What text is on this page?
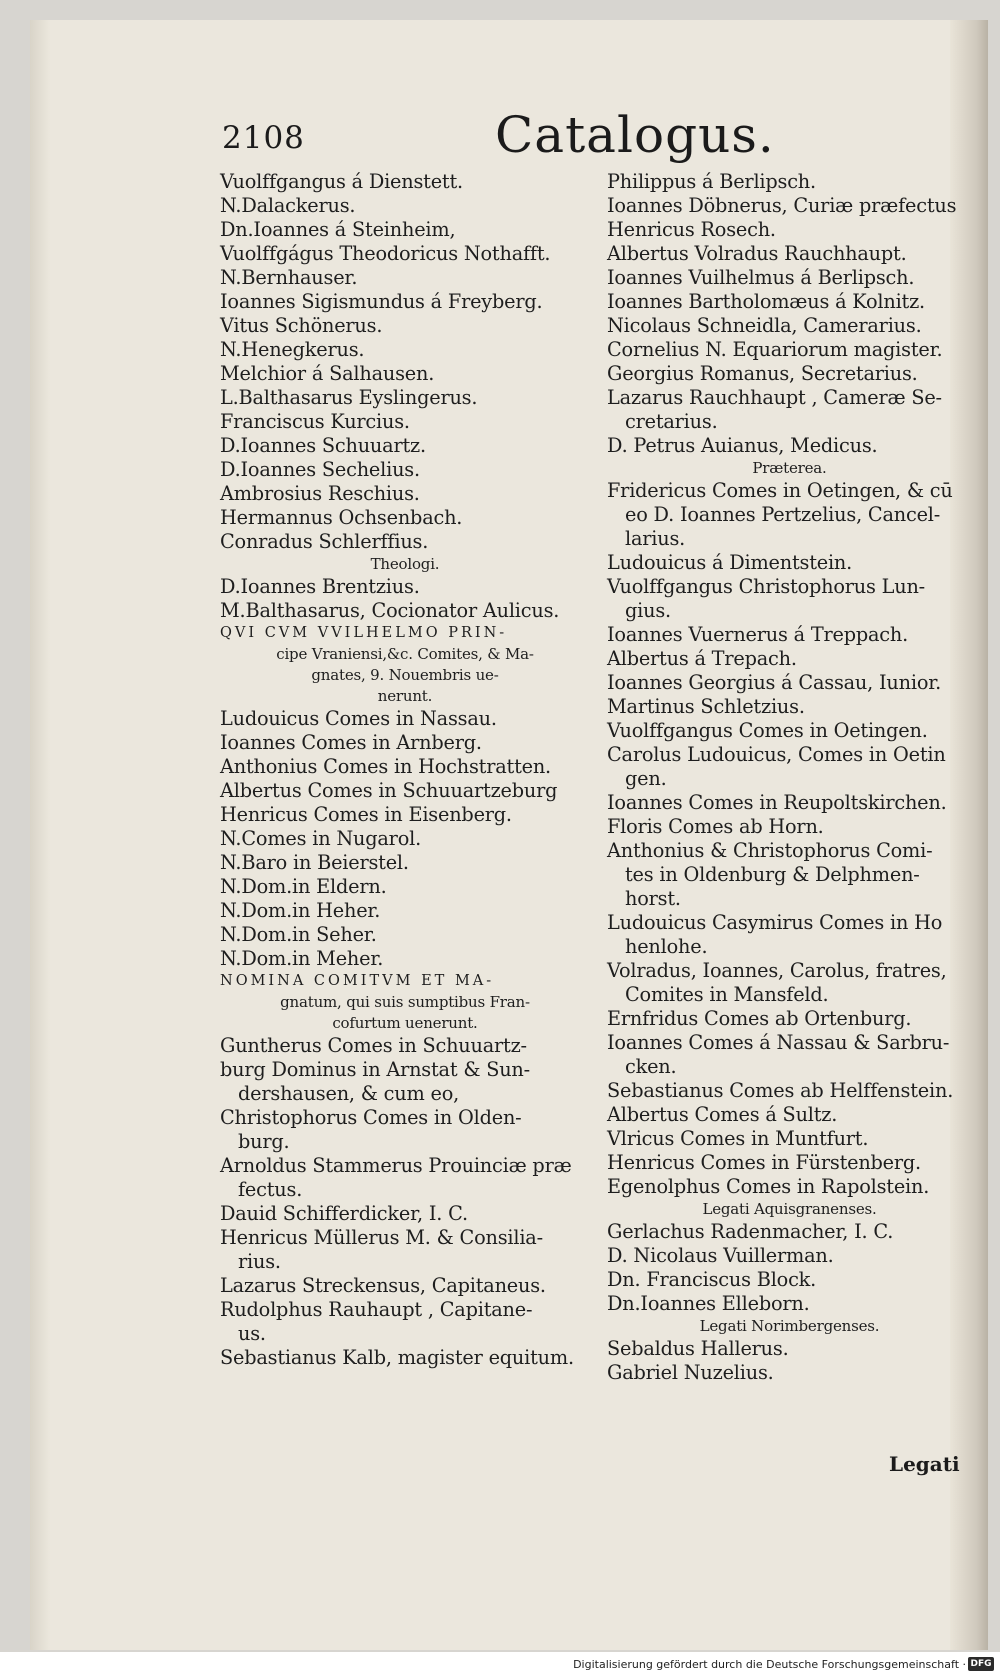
2108	Catalogus.
Vuolffgangus á Dienstett.
N.Dalackerus.
Dn.Ioannes á Steinheim,
Vuolffgágus Theodoricus Nothafft.
N.Bernhauser.
Ioannes Sigismundus á Freyberg.
Vitus Schönerus.
N.Henegkerus.
Melchior á Salhausen.
L.Balthasarus Eyslingerus.
Franciscus Kurcius.
D.Ioannes Schuuartz.
D.Ioannes Sechelius.
Ambrosius Reschius.
Hermannus Ochsenbach.
Conradus Schlerffius.
Theologi.
D.Ioannes Brentzius.
M.Balthasarus, Cocionator Aulicus.
QVI CVM VVILHELMO PRIN-
cipe Vraniensi,&c. Comites, & Ma-
gnates, 9. Nouembris ue-
nerunt.
Ludouicus Comes in Nassau.
Ioannes Comes in Arnberg.
Anthonius Comes in Hochstratten.
Albertus Comes in Schuuartzeburg
Henricus Comes in Eisenberg.
N.Comes in Nugarol.
N.Baro in Beierstel.
N.Dom.in Eldern.
N.Dom.in Heher.
N.Dom.in Seher.
N.Dom.in Meher.
NOMINA COMITVM ET MA-
gnatum, qui suis sumptibus Fran-
cofurtum uenerunt.
Guntherus Comes in Schuuartz-
burg Dominus in Arnstat & Sun-
dershausen, & cum eo,
Christophorus Comes in Olden-
burg.
Arnoldus Stammerus Prouinciæ præ
fectus.
Dauid Schifferdicker, I. C.
Henricus Müllerus M. & Consilia-
rius.
Lazarus Streckensus, Capitaneus.
Rudolphus Rauhaupt , Capitane-
us.
Sebastianus Kalb, magister equitum.
Philippus á Berlipsch.
Ioannes Döbnerus, Curiæ præfectus
Henricus Rosech.
Albertus Volradus Rauchhaupt.
Ioannes Vuilhelmus á Berlipsch.
Ioannes Bartholomæus á Kolnitz.
Nicolaus Schneidla, Camerarius.
Cornelius N. Equariorum magister.
Georgius Romanus, Secretarius.
Lazarus Rauchhaupt , Cameræ Se-
cretarius.
D. Petrus Auianus, Medicus.
Præterea.
Fridericus Comes in Oetingen, & cū
eo D. Ioannes Pertzelius, Cancel-
larius.
Ludouicus á Dimentstein.
Vuolffgangus Christophorus Lun-
gius.
Ioannes Vuernerus á Treppach.
Albertus á Trepach.
Ioannes Georgius á Cassau, Iunior.
Martinus Schletzius.
Vuolffgangus Comes in Oetingen.
Carolus Ludouicus, Comes in Oetin
gen.
Ioannes Comes in Reupoltskirchen.
Floris Comes ab Horn.
Anthonius & Christophorus Comi-
tes in Oldenburg & Delphmen-
horst.
Ludouicus Casymirus Comes in Ho
henlohe.
Volradus, Ioannes, Carolus, fratres,
Comites in Mansfeld.
Ernfridus Comes ab Ortenburg.
Ioannes Comes á Nassau & Sarbru-
cken.
Sebastianus Comes ab Helffenstein.
Albertus Comes á Sultz.
Vlricus Comes in Muntfurt.
Henricus Comes in Fürstenberg.
Egenolphus Comes in Rapolstein.
Legati Aquisgranenses.
Gerlachus Radenmacher, I. C.
D. Nicolaus Vuillerman.
Dn. Franciscus Block.
Dn.Ioannes Elleborn.
Legati Norimbergenses.
Sebaldus Hallerus.
Gabriel Nuzelius.
Legati
Digitalisierung gefördert durch die Deutsche Forschungsgemeinschaft · DFG
